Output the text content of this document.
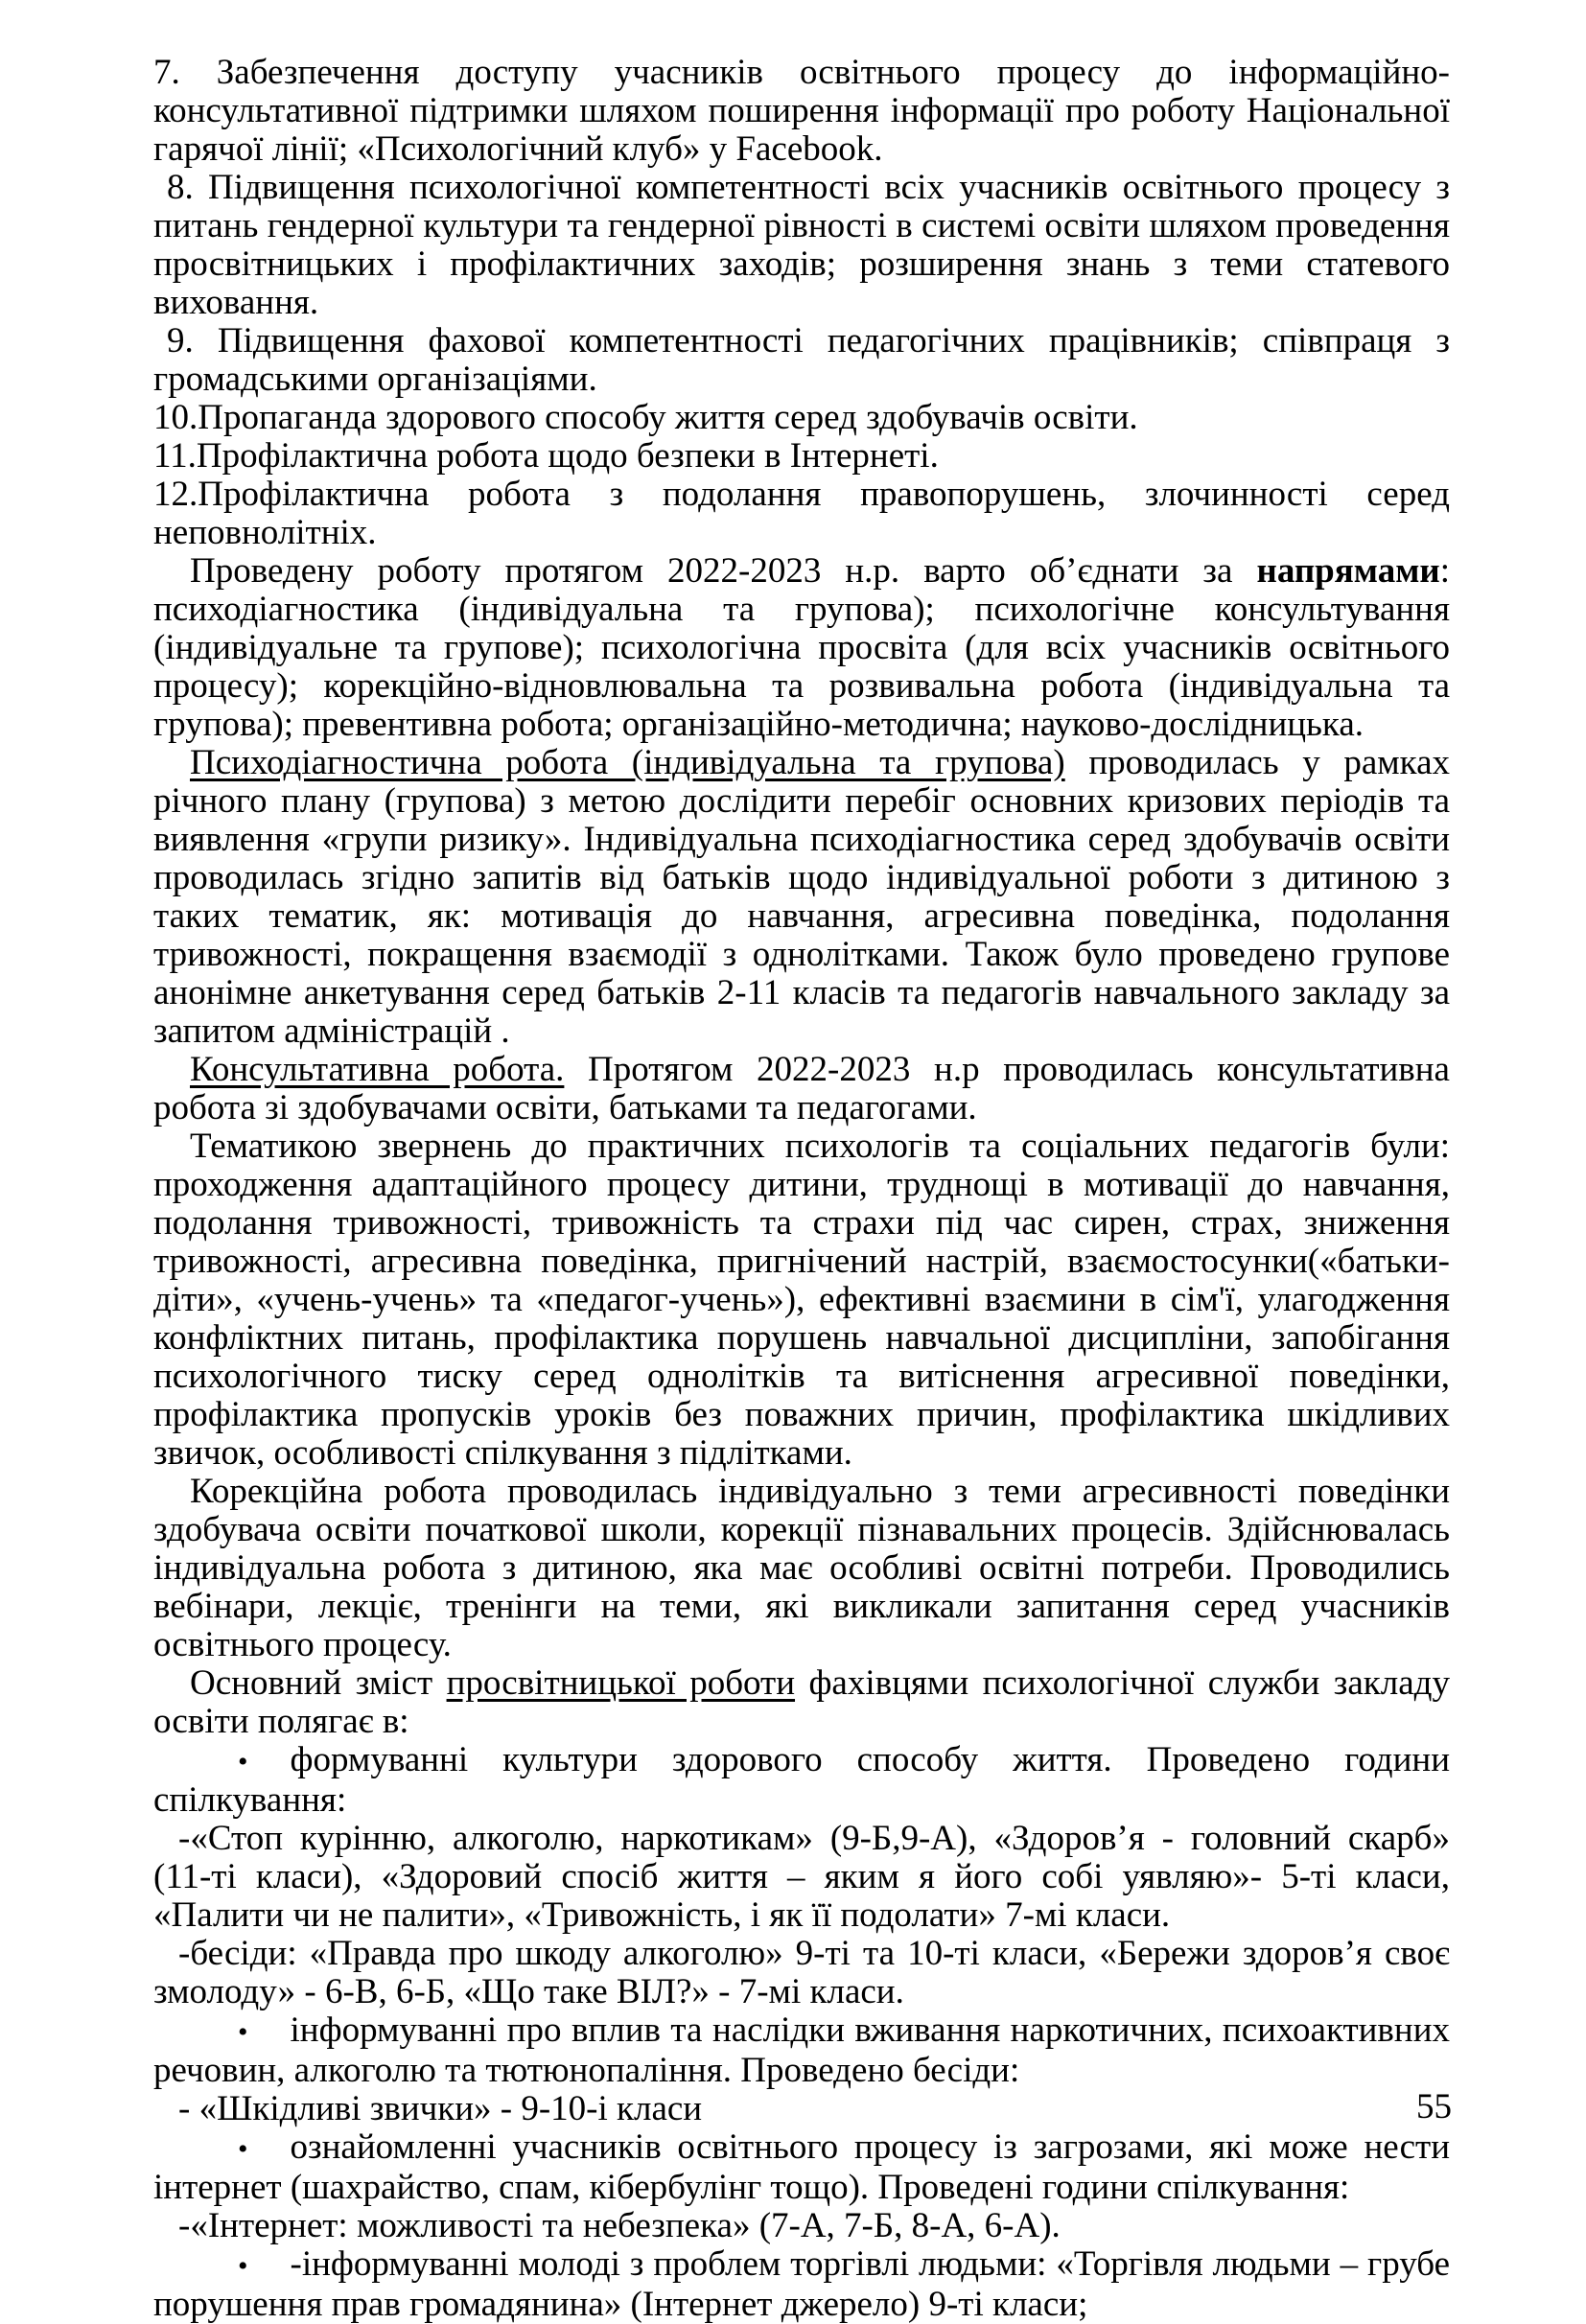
7. Забезпечення доступу учасників освітнього процесу до інформаційно-консультативної підтримки шляхом поширення інформації про роботу Національної гарячої лінії; «Психологічний клуб» у Facebook.

8. Підвищення психологічної компетентності всіх учасників освітнього процесу з питань гендерної культури та гендерної рівності в системі освіти шляхом проведення просвітницьких і профілактичних заходів; розширення знань з теми статевого виховання.

9. Підвищення фахової компетентності педагогічних працівників; співпраця з громадськими організаціями.

10.Пропаганда здорового способу життя серед здобувачів освіти.

11.Профілактична робота щодо безпеки в Інтернеті.

12.Профілактична робота з подолання правопорушень, злочинності серед неповнолітніх.

Проведену роботу протягом 2022-2023 н.р. варто об’єднати за напрямами: психодіагностика (індивідуальна та групова); психологічне консультування (індивідуальне та групове); психологічна просвіта (для всіх учасників освітнього процесу); корекційно-відновлювальна та розвивальна робота (індивідуальна та групова); превентивна робота; організаційно-методична; науково-дослідницька.

Психодіагностична робота (індивідуальна та групова) проводилась у рамках річного плану (групова) з метою дослідити перебіг основних кризових періодів та виявлення «групи ризику». Індивідуальна психодіагностика серед здобувачів освіти проводилась згідно запитів від батьків щодо індивідуальної роботи з дитиною з таких тематик, як: мотивація до навчання, агресивна поведінка, подолання тривожності, покращення взаємодії з однолітками. Також було проведено групове анонімне анкетування серед батьків 2-11 класів та педагогів навчального закладу за запитом адміністрацій .

Консультативна робота. Протягом 2022-2023 н.р проводилась консультативна робота зі здобувачами освіти, батьками та педагогами.

Тематикою звернень до практичних психологів та соціальних педагогів були: проходження адаптаційного процесу дитини, труднощі в мотивації до навчання, подолання тривожності, тривожність та страхи під час сирен, страх, зниження тривожності, агресивна поведінка, пригнічений настрій, взаємостосунки(«батьки-діти», «учень-учень» та «педагог-учень»), ефективні взаємини в сім'ї, улагодження конфліктних питань, профілактика порушень навчальної дисципліни, запобігання психологічного тиску серед однолітків та витіснення агресивної поведінки, профілактика пропусків уроків без поважних причин, профілактика шкідливих звичок, особливості спілкування з підлітками.

Корекційна робота проводилась індивідуально з теми агресивності поведінки здобувача освіти початкової школи, корекції пізнавальних процесів. Здійснювалась індивідуальна робота з дитиною, яка має особливі освітні потреби. Проводились вебінари, лекціє, тренінги на теми, які викликали запитання серед учасників освітнього процесу.

Основний зміст просвітницької роботи фахівцями психологічної служби закладу освіти полягає в:

• формуванні культури здорового способу життя. Проведено години спілкування:

-«Стоп курінню, алкоголю, наркотикам» (9-Б,9-А), «Здоров’я - головний скарб» (11-ті класи), «Здоровий спосіб життя – яким я його собі уявляю»- 5-ті класи, «Палити чи не палити», «Тривожність, і як її подолати» 7-мі класи.

-бесіди: «Правда про шкоду алкоголю» 9-ті та 10-ті класи, «Бережи здоров’я своє змолоду» - 6-В, 6-Б, «Що таке ВІЛ?» - 7-мі класи.

• інформуванні про вплив та наслідки вживання наркотичних, психоактивних речовин, алкоголю та тютюнопаління. Проведено бесіди:

- «Шкідливі звички» - 9-10-і класи

• ознайомленні учасників освітнього процесу із загрозами, які може нести інтернет (шахрайство, спам, кібербулінг тощо). Проведені години спілкування:

-«Інтернет: можливості та небезпека» (7-А, 7-Б, 8-А, 6-А).

• -інформуванні молоді з проблем торгівлі людьми: «Торгівля людьми – грубе порушення прав громадянина» (Інтернет джерело) 9-ті класи;

55
